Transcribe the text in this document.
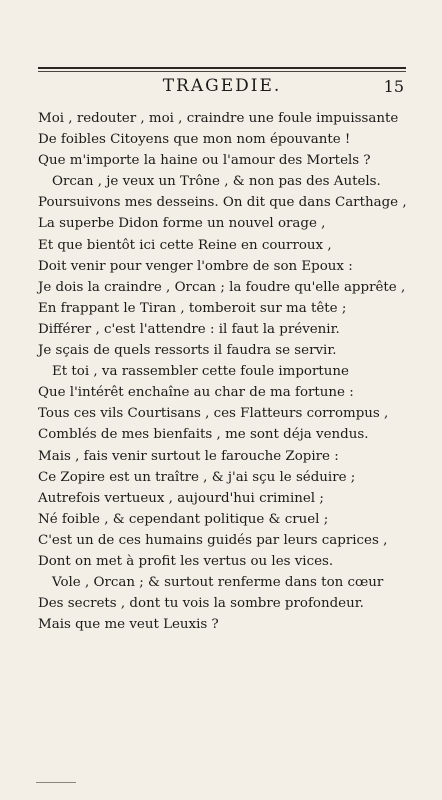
TRAGEDIE.	15
Moi , redouter , moi , craindre une foule impuissante
De foibles Citoyens que mon nom épouvante !
Que m'importe la haine ou l'amour des Mortels ?
Orcan , je veux un Trône , & non pas des Autels.
Poursuivons mes desseins. On dit que dans Carthage ,
La superbe Didon forme un nouvel orage ,
Et que bientôt ici cette Reine en courroux ,
Doit venir pour venger l'ombre de son Epoux :
Je dois la craindre , Orcan ; la foudre qu'elle apprête ,
En frappant le Tiran , tomberoit sur ma tête ;
Différer , c'est l'attendre : il faut la prévenir.
Je sçais de quels ressorts il faudra se servir.
Et toi , va rassembler cette foule importune
Que l'intérêt enchaîne au char de ma fortune :
Tous ces vils Courtisans , ces Flatteurs corrompus ,
Comblés de mes bienfaits , me sont déja vendus.
Mais , fais venir surtout le farouche Zopire :
Ce Zopire est un traître , & j'ai sçu le séduire ;
Autrefois vertueux , aujourd'hui criminel ;
Né foible , & cependant politique & cruel ;
C'est un de ces humains guidés par leurs caprices ,
Dont on met à profit les vertus ou les vices.
Vole , Orcan ; & surtout renferme dans ton cœur
Des secrets , dont tu vois la sombre profondeur.
Mais que me veut Leuxis ?
